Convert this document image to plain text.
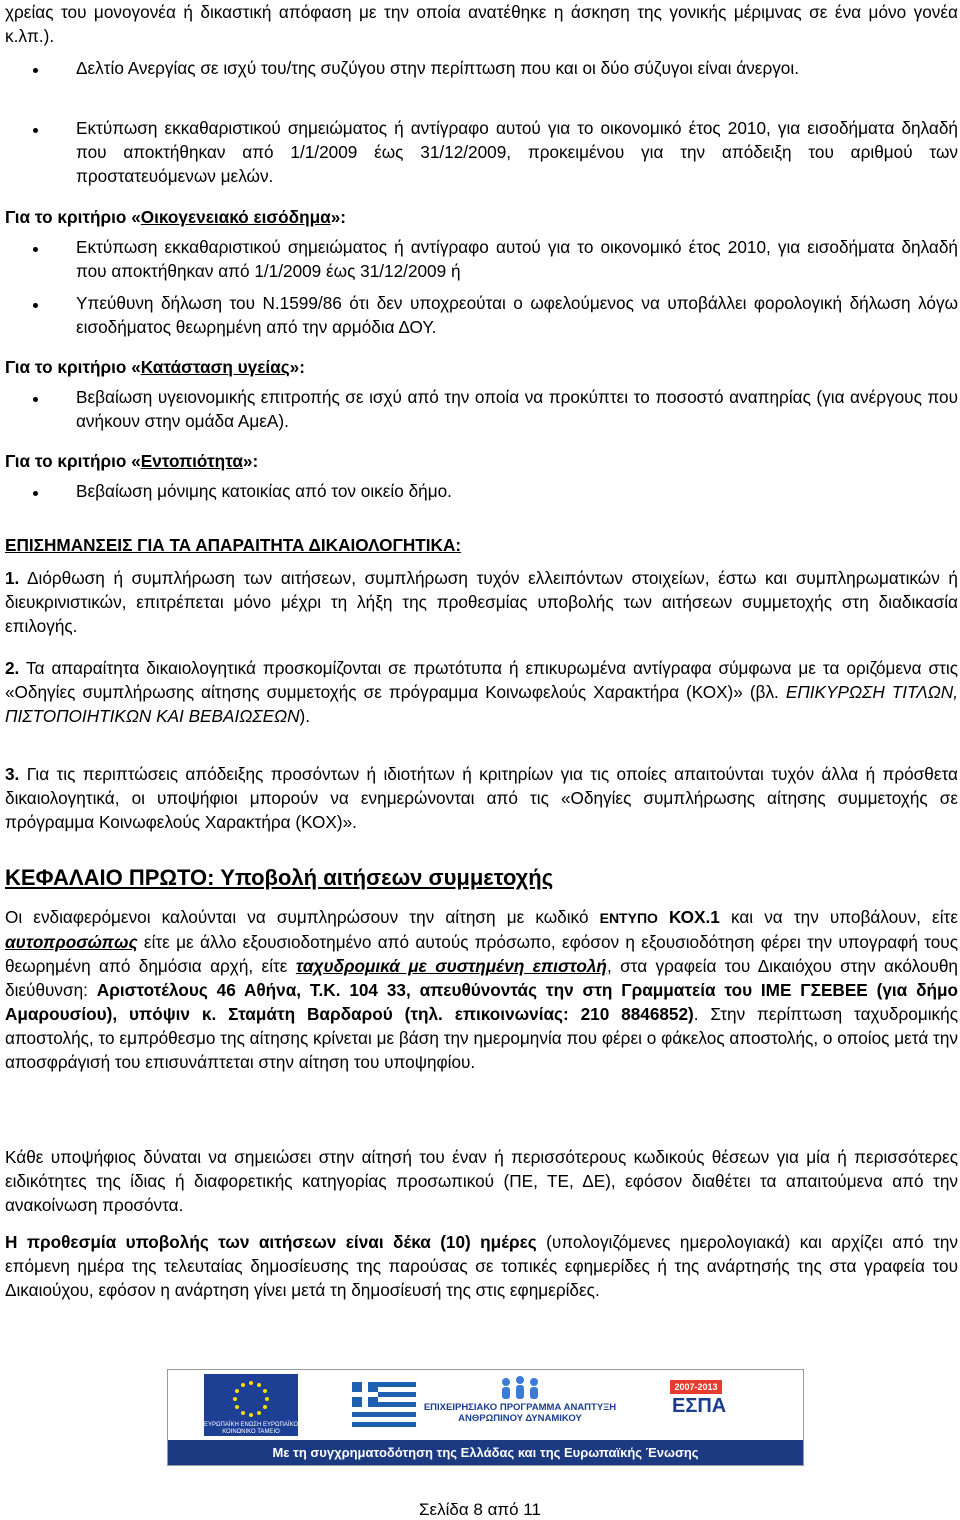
χρείας του μονογονέα ή δικαστική απόφαση με την οποία ανατέθηκε η άσκηση της γονικής μέριμνας σε ένα μόνο γονέα κ.λπ.).

Δελτίο Ανεργίας σε ισχύ του/της συζύγου στην περίπτωση που και οι δύο σύζυγοι είναι άνεργοι.

Εκτύπωση εκκαθαριστικού σημειώματος ή αντίγραφο αυτού για το οικονομικό έτος 2010, για εισοδήματα δηλαδή που αποκτήθηκαν από 1/1/2009 έως 31/12/2009, προκειμένου για την απόδειξη του αριθμού των προστατευόμενων μελών.

Για το κριτήριο «Οικογενειακό εισόδημα»:

Εκτύπωση εκκαθαριστικού σημειώματος ή αντίγραφο αυτού για το οικονομικό έτος 2010, για εισοδήματα δηλαδή που αποκτήθηκαν από 1/1/2009 έως 31/12/2009 ή

Υπεύθυνη δήλωση του Ν.1599/86 ότι δεν υποχρεούται ο ωφελούμενος να υποβάλλει φορολογική δήλωση λόγω εισοδήματος θεωρημένη από την αρμόδια ΔΟΥ.

Για το κριτήριο «Κατάσταση υγείας»:

Βεβαίωση υγειονομικής επιτροπής σε ισχύ από την οποία να προκύπτει το ποσοστό αναπηρίας (για ανέργους που ανήκουν στην ομάδα ΑμεΑ).

Για το κριτήριο «Εντοπιότητα»:

Βεβαίωση μόνιμης κατοικίας από τον οικείο δήμο.

ΕΠΙΣΗΜΑΝΣΕΙΣ ΓΙΑ ΤΑ ΑΠΑΡΑΙΤΗΤΑ ΔΙΚΑΙΟΛΟΓΗΤΙΚΑ:

1. Διόρθωση ή συμπλήρωση των αιτήσεων, συμπλήρωση τυχόν ελλειπόντων στοιχείων, έστω και συμπληρωματικών ή διευκρινιστικών, επιτρέπεται μόνο μέχρι τη λήξη της προθεσμίας υποβολής των αιτήσεων συμμετοχής στη διαδικασία επιλογής.

2. Τα απαραίτητα δικαιολογητικά προσκομίζονται σε πρωτότυπα ή επικυρωμένα αντίγραφα σύμφωνα με τα οριζόμενα στις «Οδηγίες συμπλήρωσης αίτησης συμμετοχής σε πρόγραμμα Κοινωφελούς Χαρακτήρα (ΚΟΧ)» (βλ. ΕΠΙΚΥΡΩΣΗ ΤΙΤΛΩΝ, ΠΙΣΤΟΠΟΙΗΤΙΚΩΝ ΚΑΙ ΒΕΒΑΙΩΣΕΩΝ).

3. Για τις περιπτώσεις απόδειξης προσόντων ή ιδιοτήτων ή κριτηρίων για τις οποίες απαιτούνται τυχόν άλλα ή πρόσθετα δικαιολογητικά, οι υποψήφιοι μπορούν να ενημερώνονται από τις «Οδηγίες συμπλήρωσης αίτησης συμμετοχής σε πρόγραμμα Κοινωφελούς Χαρακτήρα (ΚΟΧ)».

ΚΕΦΑΛΑΙΟ ΠΡΩΤΟ: Υποβολή αιτήσεων συμμετοχής

Οι ενδιαφερόμενοι καλούνται να συμπληρώσουν την αίτηση με κωδικό ΕΝΤΥΠΟ ΚΟΧ.1 και να την υποβάλουν, είτε αυτοπροσώπως είτε με άλλο εξουσιοδοτημένο από αυτούς πρόσωπο, εφόσον η εξουσιοδότηση φέρει την υπογραφή τους θεωρημένη από δημόσια αρχή, είτε ταχυδρομικά με συστημένη επιστολή, στα γραφεία του Δικαιόχου στην ακόλουθη διεύθυνση: Αριστοτέλους 46 Αθήνα, Τ.Κ. 104 33, απευθύνοντάς την στη Γραμματεία του ΙΜΕ ΓΣΕΒΕΕ (για δήμο Αμαρουσίου), υπόψιν κ. Σταμάτη Βαρδαρού (τηλ. επικοινωνίας: 210 8846852). Στην περίπτωση ταχυδρομικής αποστολής, το εμπρόθεσμο της αίτησης κρίνεται με βάση την ημερομηνία που φέρει ο φάκελος αποστολής, ο οποίος μετά την αποσφράγισή του επισυνάπτεται στην αίτηση του υποψηφίου.

Κάθε υποψήφιος δύναται να σημειώσει στην αίτησή του έναν ή περισσότερους κωδικούς θέσεων για μία ή περισσότερες ειδικότητες της ίδιας ή διαφορετικής κατηγορίας προσωπικού (ΠΕ, ΤΕ, ΔΕ), εφόσον διαθέτει τα απαιτούμενα από την ανακοίνωση προσόντα.

Η προθεσμία υποβολής των αιτήσεων είναι δέκα (10) ημέρες (υπολογιζόμενες ημερολογιακά) και αρχίζει από την επόμενη ημέρα της τελευταίας δημοσίευσης της παρούσας σε τοπικές εφημερίδες ή της ανάρτησής της στα γραφεία του Δικαιούχου, εφόσον η ανάρτηση γίνει μετά τη δημοσίευσή της στις εφημερίδες.

ΕΥΡΩΠΑΪΚΗ ΕΝΩΣΗ ΕΥΡΩΠΑΪΚΟ ΚΟΙΝΩΝΙΚΟ ΤΑΜΕΙΟ
ΕΠΙΧΕΙΡΗΣΙΑΚΟ ΠΡΟΓΡΑΜΜΑ ΑΝΑΠΤΥΞΗ ΑΝΘΡΩΠΙΝΟΥ ΔΥΝΑΜΙΚΟΥ
2007-2013
ΕΣΠΑ
Με τη συγχρηματοδότηση της Ελλάδας και της Ευρωπαϊκής Ένωσης

Σελίδα 8 από 11
